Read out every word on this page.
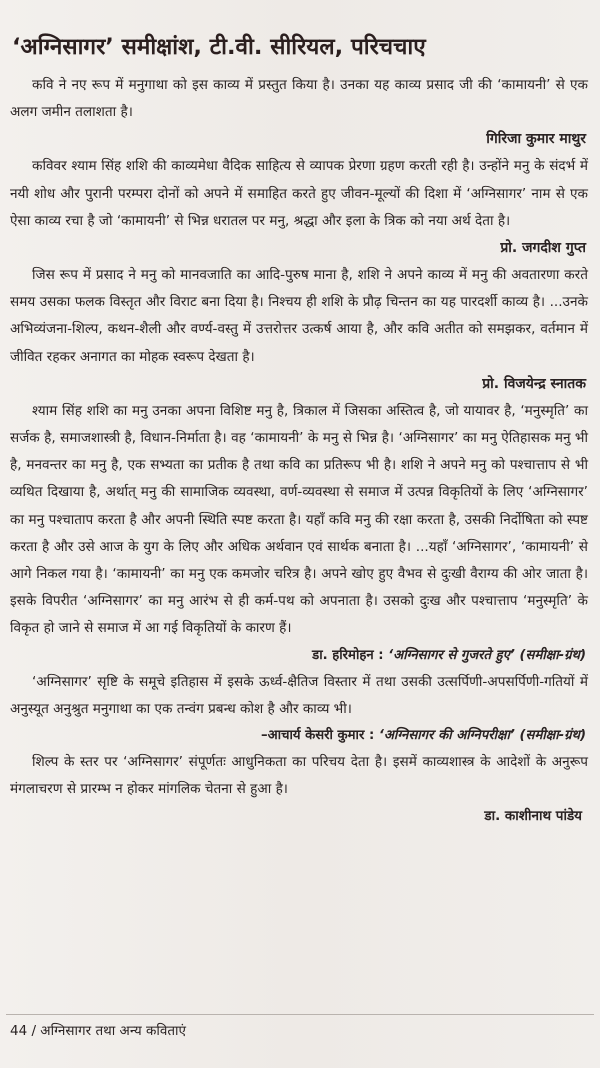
‘अग्निसागर’ समीक्षांश, टी.वी. सीरियल, परिचचाए

कवि ने नए रूप में मनुगाथा को इस काव्य में प्रस्तुत किया है। उनका यह काव्य प्रसाद जी की ‘कामायनी’ से एक अलग जमीन तलाशता है।

गिरिजा कुमार माथुर

कविवर श्याम सिंह शशि की काव्यमेधा वैदिक साहित्य से व्यापक प्रेरणा ग्रहण करती रही है। उन्होंने मनु के संदर्भ में नयी शोध और पुरानी परम्परा दोनों को अपने में समाहित करते हुए जीवन-मूल्यों की दिशा में ‘अग्निसागर’ नाम से एक ऐसा काव्य रचा है जो ‘कामायनी’ से भिन्न धरातल पर मनु, श्रद्धा और इला के त्रिक को नया अर्थ देता है।

प्रो. जगदीश गुप्त

जिस रूप में प्रसाद ने मनु को मानवजाति का आदि-पुरुष माना है, शशि ने अपने काव्य में मनु की अवतारणा करते समय उसका फलक विस्तृत और विराट बना दिया है। निश्चय ही शशि के प्रौढ़ चिन्तन का यह पारदर्शी काव्य है। ...उनके अभिव्यंजना-शिल्प, कथन-शैली और वर्ण्य-वस्तु में उत्तरोत्तर उत्कर्ष आया है, और कवि अतीत को समझकर, वर्तमान में जीवित रहकर अनागत का मोहक स्वरूप देखता है।

प्रो. विजयेन्द्र स्नातक

श्याम सिंह शशि का मनु उनका अपना विशिष्ट मनु है, त्रिकाल में जिसका अस्तित्व है, जो यायावर है, ‘मनुस्मृति’ का सर्जक है, समाजशास्त्री है, विधान-निर्माता है। वह ‘कामायनी’ के मनु से भिन्न है। ‘अग्निसागर’ का मनु ऐतिहासक मनु भी है, मनवन्तर का मनु है, एक सभ्यता का प्रतीक है तथा कवि का प्रतिरूप भी है। शशि ने अपने मनु को पश्चात्ताप से भी व्यथित दिखाया है, अर्थात् मनु की सामाजिक व्यवस्था, वर्ण-व्यवस्था से समाज में उत्पन्न विकृतियों के लिए ‘अग्निसागर’ का मनु पश्चाताप करता है और अपनी स्थिति स्पष्ट करता है। यहाँ कवि मनु की रक्षा करता है, उसकी निर्दोषिता को स्पष्ट करता है और उसे आज के युग के लिए और अधिक अर्थवान एवं सार्थक बनाता है। ...यहाँ ‘अग्निसागर’, ‘कामायनी’ से आगे निकल गया है। ‘कामायनी’ का मनु एक कमजोर चरित्र है। अपने खोए हुए वैभव से दुःखी वैराग्य की ओर जाता है। इसके विपरीत ‘अग्निसागर’ का मनु आरंभ से ही कर्म-पथ को अपनाता है। उसको दुःख और पश्चात्ताप ‘मनुस्मृति’ के विकृत हो जाने से समाज में आ गई विकृतियों के कारण हैं।

डा. हरिमोहन : ‘अग्निसागर से गुजरते हुए’ (समीक्षा-ग्रंथ)

‘अग्निसागर’ सृष्टि के समूचे इतिहास में इसके ऊर्ध्व-क्षैतिज विस्तार में तथा उसकी उत्सर्पिणी-अपसर्पिणी-गतियों में अनुस्यूत अनुश्रुत मनुगाथा का एक तन्वंग प्रबन्ध कोश है और काव्य भी।

–आचार्य केसरी कुमार : ‘अग्निसागर की अग्निपरीक्षा’ (समीक्षा-ग्रंथ)

शिल्प के स्तर पर ‘अग्निसागर’ संपूर्णतः आधुनिकता का परिचय देता है। इसमें काव्यशास्त्र के आदेशों के अनुरूप मंगलाचरण से प्रारम्भ न होकर मांगलिक चेतना से हुआ है।

डा. काशीनाथ पांडेय

44 / अग्निसागर तथा अन्य कविताएं
